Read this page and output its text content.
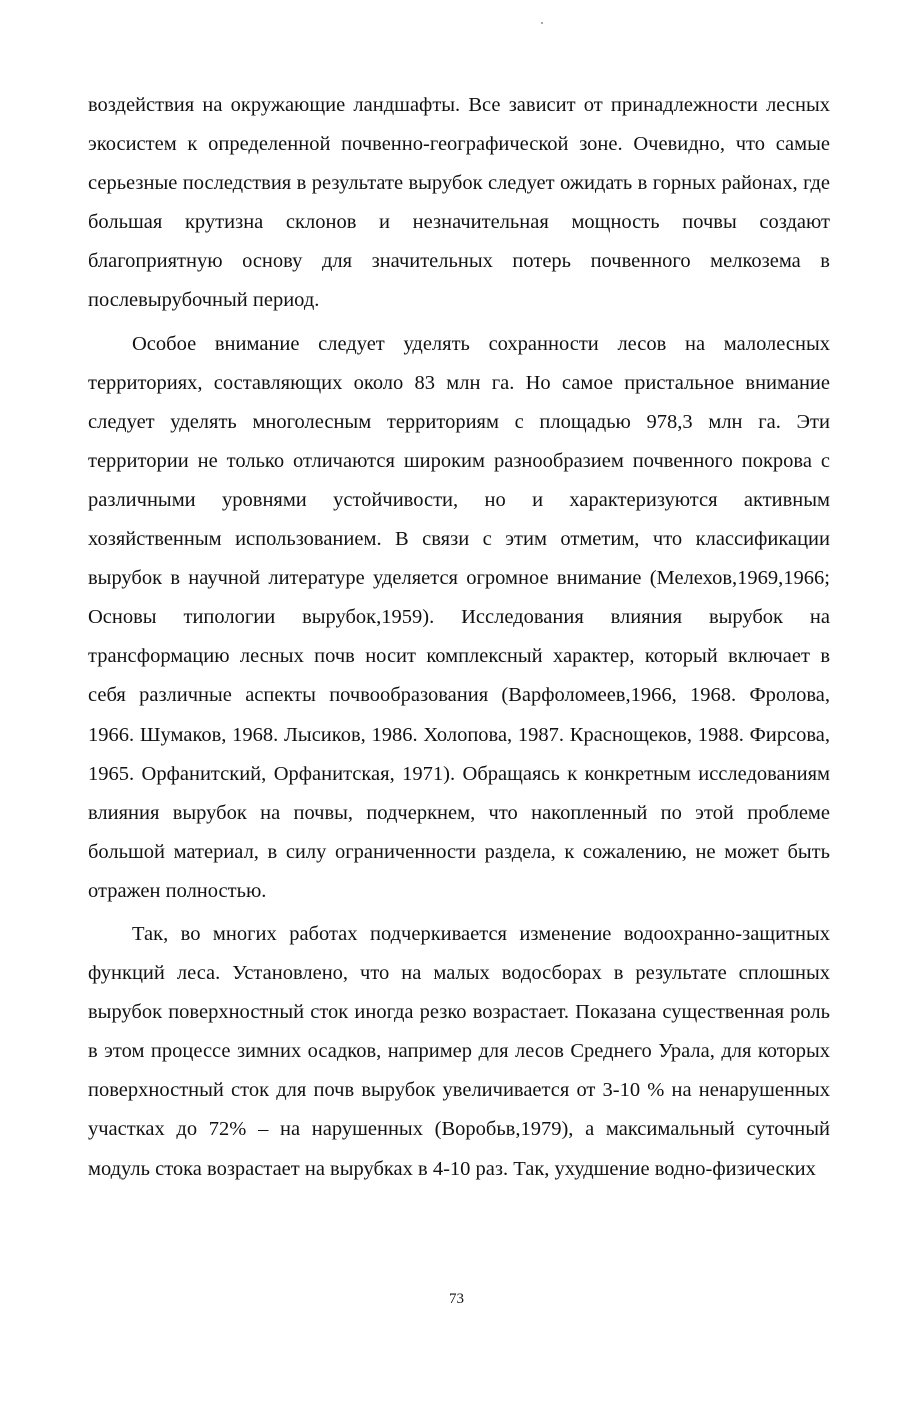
воздействия на окружающие ландшафты. Все зависит от принадлежности лесных экосистем к определенной почвенно-географической зоне. Очевидно, что самые серьезные последствия в результате вырубок следует ожидать в горных районах, где большая крутизна склонов и незначительная мощность почвы создают благоприятную основу для значительных потерь почвенного мелкозема в послевырубочный период.

Особое внимание следует уделять сохранности лесов на малолесных территориях, составляющих около 83 млн га. Но самое пристальное внимание следует уделять многолесным территориям с площадью 978,3 млн га. Эти территории не только отличаются широким разнообразием почвенного покрова с различными уровнями устойчивости, но и характеризуются активным хозяйственным использованием. В связи с этим отметим, что классификации вырубок в научной литературе уделяется огромное внимание (Мелехов,1969,1966; Основы типологии вырубок,1959). Исследования влияния вырубок на трансформацию лесных почв носит комплексный характер, который включает в себя различные аспекты почвообразования (Варфоломеев,1966, 1968. Фролова, 1966. Шумаков, 1968. Лысиков, 1986. Холопова, 1987. Краснощеков, 1988. Фирсова, 1965. Орфанитский, Орфанитская, 1971). Обращаясь к конкретным исследованиям влияния вырубок на почвы, подчеркнем, что накопленный по этой проблеме большой материал, в силу ограниченности раздела, к сожалению, не может быть отражен полностью.

Так, во многих работах подчеркивается изменение водоохранно-защитных функций леса. Установлено, что на малых водосборах в результате сплошных вырубок поверхностный сток иногда резко возрастает. Показана существенная роль в этом процессе зимних осадков, например для лесов Среднего Урала, для которых поверхностный сток для почв вырубок увеличивается от 3-10 % на ненарушенных участках до 72% – на нарушенных (Воробьв,1979), а максимальный суточный модуль стока возрастает на вырубках в 4-10 раз. Так, ухудшение водно-физических

73
